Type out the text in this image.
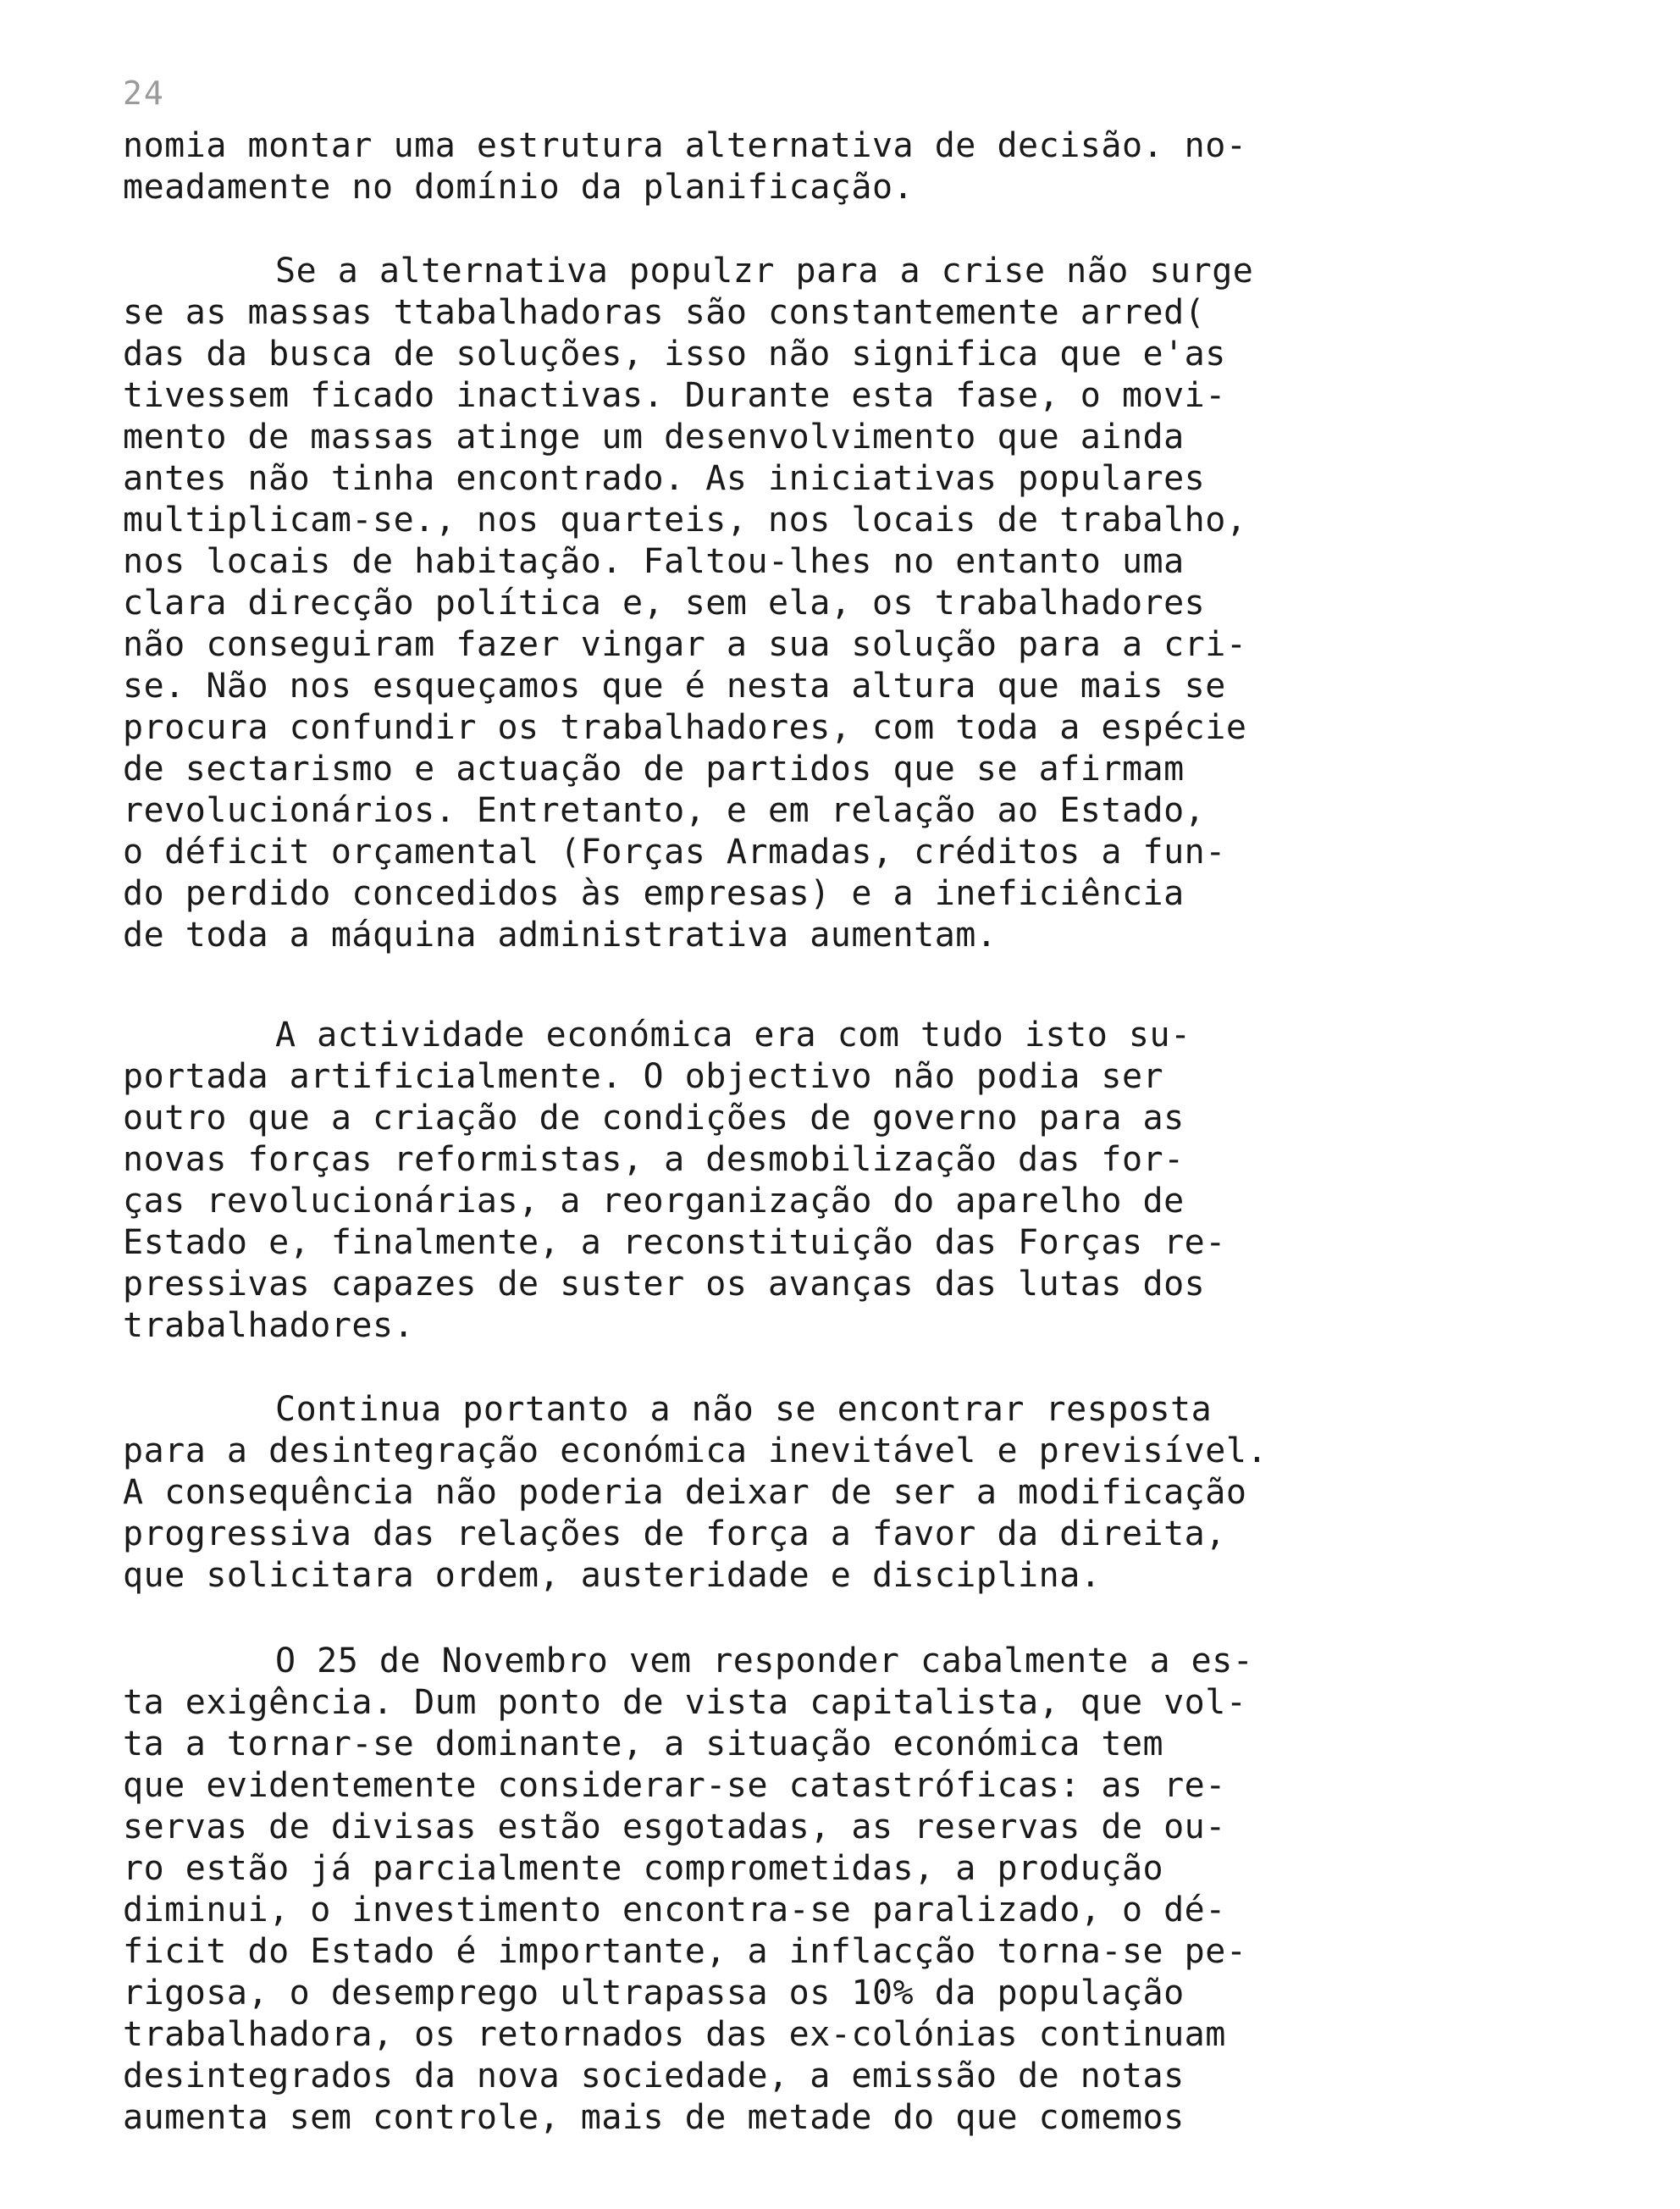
24
nomia montar uma estrutura alternativa de decisão. no-
meadamente no domínio da planificação.
Se a alternativa populzr para a crise não surge
se as massas ttabalhadoras são constantemente arred(
das da busca de soluções, isso não significa que e'as
tivessem ficado inactivas. Durante esta fase, o movi-
mento de massas atinge um desenvolvimento que ainda
antes não tinha encontrado. As iniciativas populares
multiplicam-se., nos quarteis, nos locais de trabalho,
nos locais de habitação. Faltou-lhes no entanto uma
clara direcção política e, sem ela, os trabalhadores
não conseguiram fazer vingar a sua solução para a cri-
se. Não nos esqueçamos que é nesta altura que mais se
procura confundir os trabalhadores, com toda a espécie
de sectarismo e actuação de partidos que se afirmam
revolucionários. Entretanto, e em relação ao Estado,
o déficit orçamental (Forças Armadas, créditos a fun-
do perdido concedidos às empresas) e a ineficiência
de toda a máquina administrativa aumentam.
A actividade económica era com tudo isto su-
portada artificialmente. O objectivo não podia ser
outro que a criação de condições de governo para as
novas forças reformistas, a desmobilização das for-
ças revolucionárias, a reorganização do aparelho de
Estado e, finalmente, a reconstituição das Forças re-
pressivas capazes de suster os avanças das lutas dos
trabalhadores.
Continua portanto a não se encontrar resposta
para a desintegração económica inevitável e previsível.
A consequência não poderia deixar de ser a modificação
progressiva das relações de força a favor da direita,
que solicitara ordem, austeridade e disciplina.
O 25 de Novembro vem responder cabalmente a es-
ta exigência. Dum ponto de vista capitalista, que vol-
ta a tornar-se dominante, a situação económica tem
que evidentemente considerar-se catastróficas: as re-
servas de divisas estão esgotadas, as reservas de ou-
ro estão já parcialmente comprometidas, a produção
diminui, o investimento encontra-se paralizado, o dé-
ficit do Estado é importante, a inflacção torna-se pe-
rigosa, o desemprego ultrapassa os 10% da população
trabalhadora, os retornados das ex-colónias continuam
desintegrados da nova sociedade, a emissão de notas
aumenta sem controle, mais de metade do que comemos
